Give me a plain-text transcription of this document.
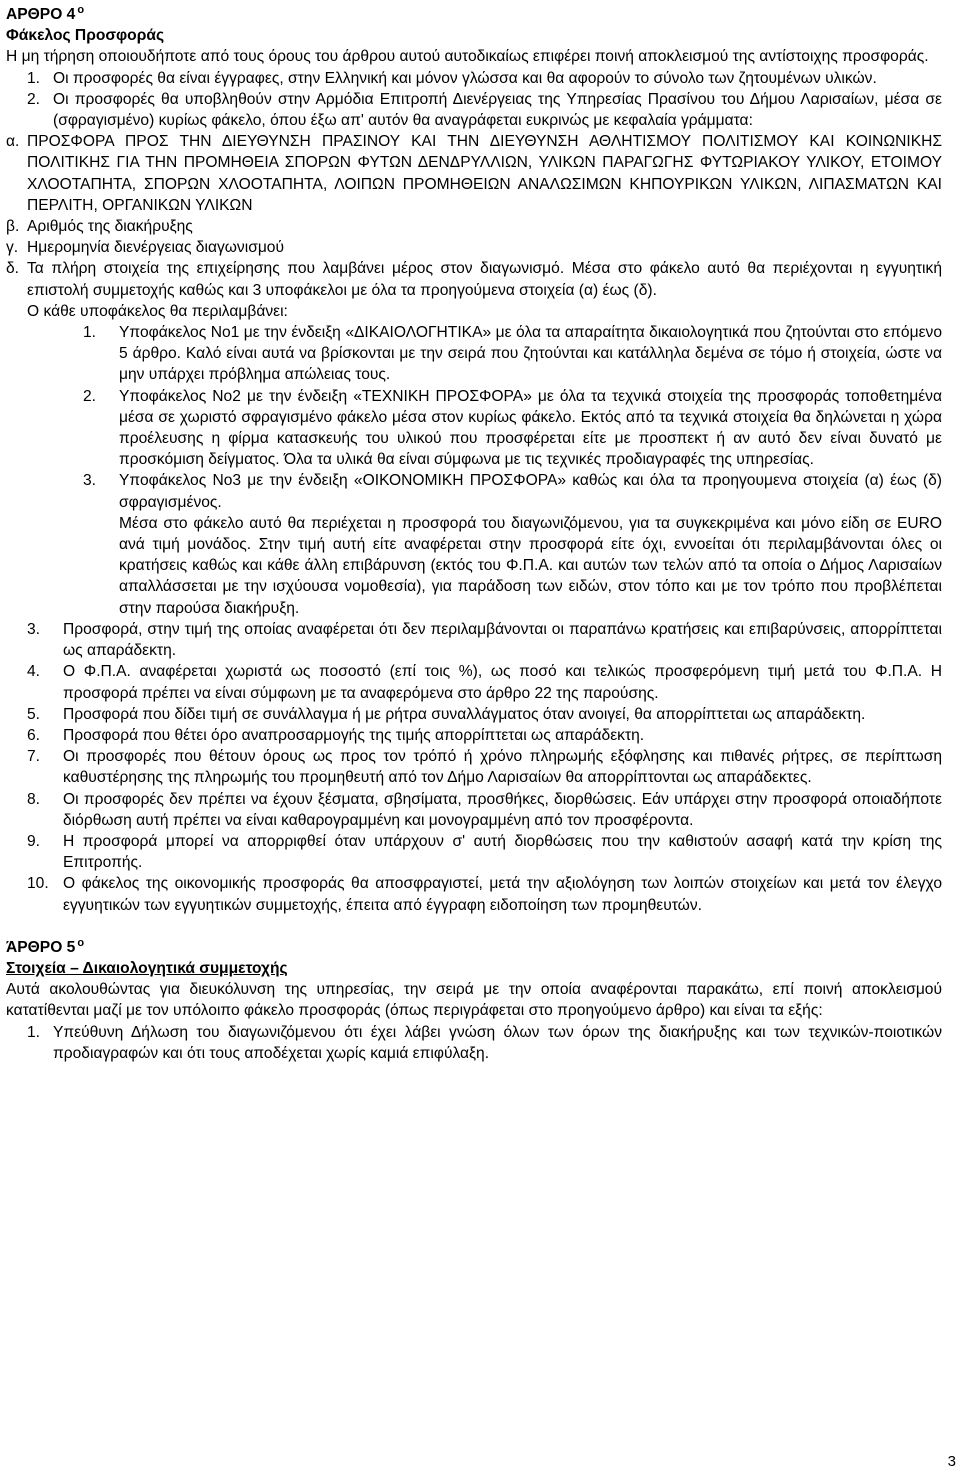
ΑΡΘΡΟ 4 $^o$

Φάκελος Προσφοράς

Η μη τήρηση οποιουδήποτε από τους όρους του άρθρου αυτού αυτοδικαίως επιφέρει ποινή αποκλεισμού της αντίστοιχης προσφοράς.

1. Οι προσφορές θα είναι έγγραφες, στην Ελληνική και μόνον γλώσσα και θα αφορούν το σύνολο των ζητουμένων υλικών.
2. Οι προσφορές θα υποβληθούν στην Αρμόδια Επιτροπή Διενέργειας της Υπηρεσίας Πρασίνου του Δήμου Λαρισαίων, μέσα σε (σφραγισμένο) κυρίως φάκελο, όπου έξω απ' αυτόν θα αναγράφεται ευκρινώς με κεφαλαία γράμματα:
α. ΠΡΟΣΦΟΡΑ ΠΡΟΣ ΤΗΝ ΔΙΕΥΘΥΝΣΗ ΠΡΑΣΙΝΟΥ ΚΑΙ ΤΗΝ ΔΙΕΥΘΥΝΣΗ ΑΘΛΗΤΙΣΜΟΥ ΠΟΛΙΤΙΣΜΟΥ ΚΑΙ ΚΟΙΝΩΝΙΚΗΣ ΠΟΛΙΤΙΚΗΣ ΓΙΑ ΤΗΝ ΠΡΟΜΗΘΕΙΑ ΣΠΟΡΩΝ ΦΥΤΩΝ ΔΕΝΔΡΥΛΛΙΩΝ, ΥΛΙΚΩΝ ΠΑΡΑΓΩΓΗΣ ΦΥΤΩΡΙΑΚΟΥ ΥΛΙΚΟΥ, ΕΤΟΙΜΟΥ ΧΛΟΟΤΑΠΗΤΑ, ΣΠΟΡΩΝ ΧΛΟΟΤΑΠΗΤΑ, ΛΟΙΠΩΝ ΠΡΟΜΗΘΕΙΩΝ ΑΝΑΛΩΣΙΜΩΝ ΚΗΠΟΥΡΙΚΩΝ ΥΛΙΚΩΝ, ΛΙΠΑΣΜΑΤΩΝ ΚΑΙ ΠΕΡΛΙΤΗ, ΟΡΓΑΝΙΚΩΝ ΥΛΙΚΩΝ
β. Αριθμός της διακήρυξης
γ. Ημερομηνία διενέργειας διαγωνισμού
δ. Τα πλήρη στοιχεία της επιχείρησης που λαμβάνει μέρος στον διαγωνισμό. Μέσα στο φάκελο αυτό θα περιέχονται η εγγυητική επιστολή συμμετοχής καθώς και 3 υποφάκελοι με όλα τα προηγούμενα στοιχεία (α) έως (δ).

Ο κάθε υποφάκελος θα περιλαμβάνει:

1.	Υποφάκελος Νο1 με την ένδειξη «ΔΙΚΑΙΟΛΟΓΗΤΙΚΑ» με όλα τα απαραίτητα δικαιολογητικά που ζητούνται στο επόμενο 5 άρθρο. Καλό είναι αυτά να βρίσκονται με την σειρά που ζητούνται και κατάλληλα δεμένα σε τόμο ή στοιχεία, ώστε να μην υπάρχει πρόβλημα απώλειας τους.
2.	Υποφάκελος Νο2 με την ένδειξη «ΤΕΧΝΙΚΗ ΠΡΟΣΦΟΡΑ» με όλα τα τεχνικά στοιχεία της προσφοράς τοποθετημένα μέσα σε χωριστό σφραγισμένο φάκελο μέσα στον κυρίως φάκελο. Εκτός από τα τεχνικά στοιχεία θα δηλώνεται η χώρα προέλευσης η φίρμα κατασκευής του υλικού που προσφέρεται είτε με προσπεκτ ή αν αυτό δεν είναι δυνατό με προσκόμιση δείγματος. Όλα τα υλικά θα είναι σύμφωνα με τις τεχνικές προδιαγραφές της υπηρεσίας.
3.	Υποφάκελος Νο3 με την ένδειξη «ΟΙΚΟΝΟΜΙΚΗ ΠΡΟΣΦΟΡΑ» καθώς και όλα τα προηγουμενα στοιχεία (α) έως (δ) σφραγισμένος.

Μέσα στο φάκελο αυτό θα περιέχεται η προσφορά του διαγωνιζόμενου, για τα συγκεκριμένα και μόνο είδη σε EURO ανά τιμή μονάδος. Στην τιμή αυτή είτε αναφέρεται στην προσφορά είτε όχι, εννοείται ότι περιλαμβάνονται όλες οι κρατήσεις καθώς και κάθε άλλη επιβάρυνση (εκτός του Φ.Π.Α. και αυτών των τελών από τα οποία ο Δήμος Λαρισαίων απαλλάσσεται με την ισχύουσα νομοθεσία), για παράδοση των ειδών, στον τόπο και με τον τρόπο που προβλέπεται στην παρούσα διακήρυξη.

3.	Προσφορά, στην τιμή της οποίας αναφέρεται ότι δεν περιλαμβάνονται οι παραπάνω κρατήσεις και επιβαρύνσεις, απορρίπτεται ως απαράδεκτη.
4.	Ο Φ.Π.Α. αναφέρεται χωριστά ως ποσοστό (επί τοις %), ως ποσό και τελικώς προσφερόμενη τιμή μετά του Φ.Π.Α. Η προσφορά πρέπει να είναι σύμφωνη με τα αναφερόμενα στο άρθρο 22 της παρούσης.
5.	Προσφορά που δίδει τιμή σε συνάλλαγμα ή με ρήτρα συναλλάγματος όταν ανοιγεί, θα απορρίπτεται ως απαράδεκτη.
6.	Προσφορά που θέτει όρο αναπροσαρμογής της τιμής απορρίπτεται ως απαράδεκτη.
7.	Οι προσφορές που θέτουν όρους ως προς τον τρόπό ή χρόνο πληρωμής εξόφλησης και πιθανές ρήτρες, σε περίπτωση καθυστέρησης της πληρωμής του προμηθευτή από τον Δήμο Λαρισαίων θα απορρίπτονται ως απαράδεκτες.
8.	Οι προσφορές δεν πρέπει να έχουν ξέσματα, σβησίματα, προσθήκες, διορθώσεις. Εάν υπάρχει στην προσφορά οποιαδήποτε διόρθωση αυτή πρέπει να είναι καθαρογραμμένη και μονογραμμένη από τον προσφέροντα.
9.	Η προσφορά μπορεί να απορριφθεί όταν υπάρχουν σ' αυτή διορθώσεις που την καθιστούν ασαφή κατά την κρίση της Επιτροπής.
10. Ο φάκελος της οικονομικής προσφοράς θα αποσφραγιστεί, μετά την αξιολόγηση των λοιπών στοιχείων και μετά τον έλεγχο εγγυητικών των εγγυητικών συμμετοχής, έπειτα από έγγραφη ειδοποίηση των προμηθευτών.

ΆΡΘΡΟ 5 $^o$

Στοιχεία – Δικαιολογητικά συμμετοχής

Αυτά ακολουθώντας για διευκόλυνση της υπηρεσίας, την σειρά με την οποία αναφέρονται παρακάτω, επί ποινή αποκλεισμού κατατίθενται μαζί με τον υπόλοιπο φάκελο προσφοράς (όπως περιγράφεται στο προηγούμενο άρθρο) και είναι τα εξής:

1. Υπεύθυνη Δήλωση του διαγωνιζόμενου ότι έχει λάβει γνώση όλων των όρων της διακήρυξης και των τεχνικών-ποιοτικών προδιαγραφών και ότι τους αποδέχεται χωρίς καμιά επιφύλαξη.
3
